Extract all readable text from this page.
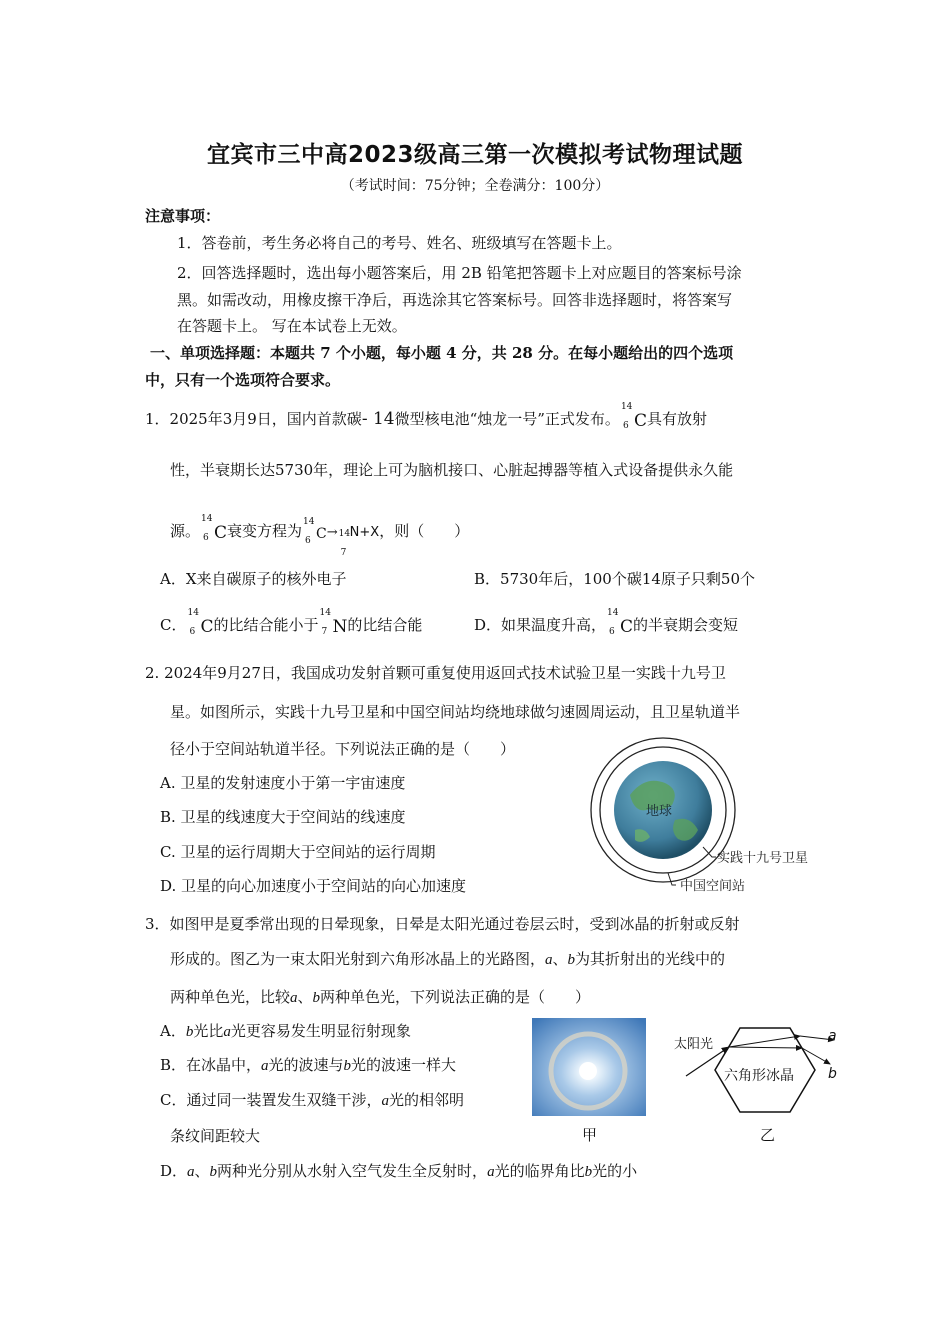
宜宾市三中高2023级高三第一次模拟考试物理试题
（考试时间：75分钟；全卷满分：100分）
注意事项：
1．答卷前，考生务必将自己的考号、姓名、班级填写在答题卡上。
2．回答选择题时，选出每小题答案后，用 2B 铅笔把答题卡上对应题目的答案标号涂
黑。如需改动，用橡皮擦干净后，再选涂其它答案标号。回答非选择题时，将答案写
在答题卡上。 写在本试卷上无效。
一、单项选择题：本题共 7 个小题，每小题 4 分，共 28 分。在每小题给出的四个选项
中，只有一个选项符合要求。
1．2025年3月9日，国内首款碳- 14微型核电池“烛龙一号”正式发布。
14
6 C具有放射
性，半衰期长达5730年，理论上可为脑机接口、心脏起搏器等植入式设备提供永久能
源。
14
6 C衰变方程为 14
6 C→ 14
7
N+X，则（　　）
A．X来自碳原子的核外电子	B．5730年后，100个碳14原子只剩50个
C．
14
6 C的比结合能小于
14
7 N的比结合能	D．如果温度升高，
14
6 C的半衰期会变短
2. 2024年9月27日，我国成功发射首颗可重复使用返回式技术试验卫星一实践十九号卫
星。如图所示，实践十九号卫星和中国空间站均绕地球做匀速圆周运动，且卫星轨道半
径小于空间站轨道半径。下列说法正确的是（　　）
A. 卫星的发射速度小于第一宇宙速度
B. 卫星的线速度大于空间站的线速度
C. 卫星的运行周期大于空间站的运行周期
D. 卫星的向心加速度小于空间站的向心加速度
地球
实践十九号卫星
中国空间站
3．如图甲是夏季常出现的日晕现象，日晕是太阳光通过卷层云时，受到冰晶的折射或反射
形成的。图乙为一束太阳光射到六角形冰晶上的光路图，a、b为其折射出的光线中的
两种单色光，比较a、b两种单色光，下列说法正确的是（　　）
A．b光比a光更容易发生明显衍射现象
B．在冰晶中，a光的波速与b光的波速一样大
C．通过同一装置发生双缝干涉，a光的相邻明
条纹间距较大
D．a、b两种光分别从水射入空气发生全反射时，a光的临界角比b光的小
甲
太阳光
六角形冰晶
a
b
乙
